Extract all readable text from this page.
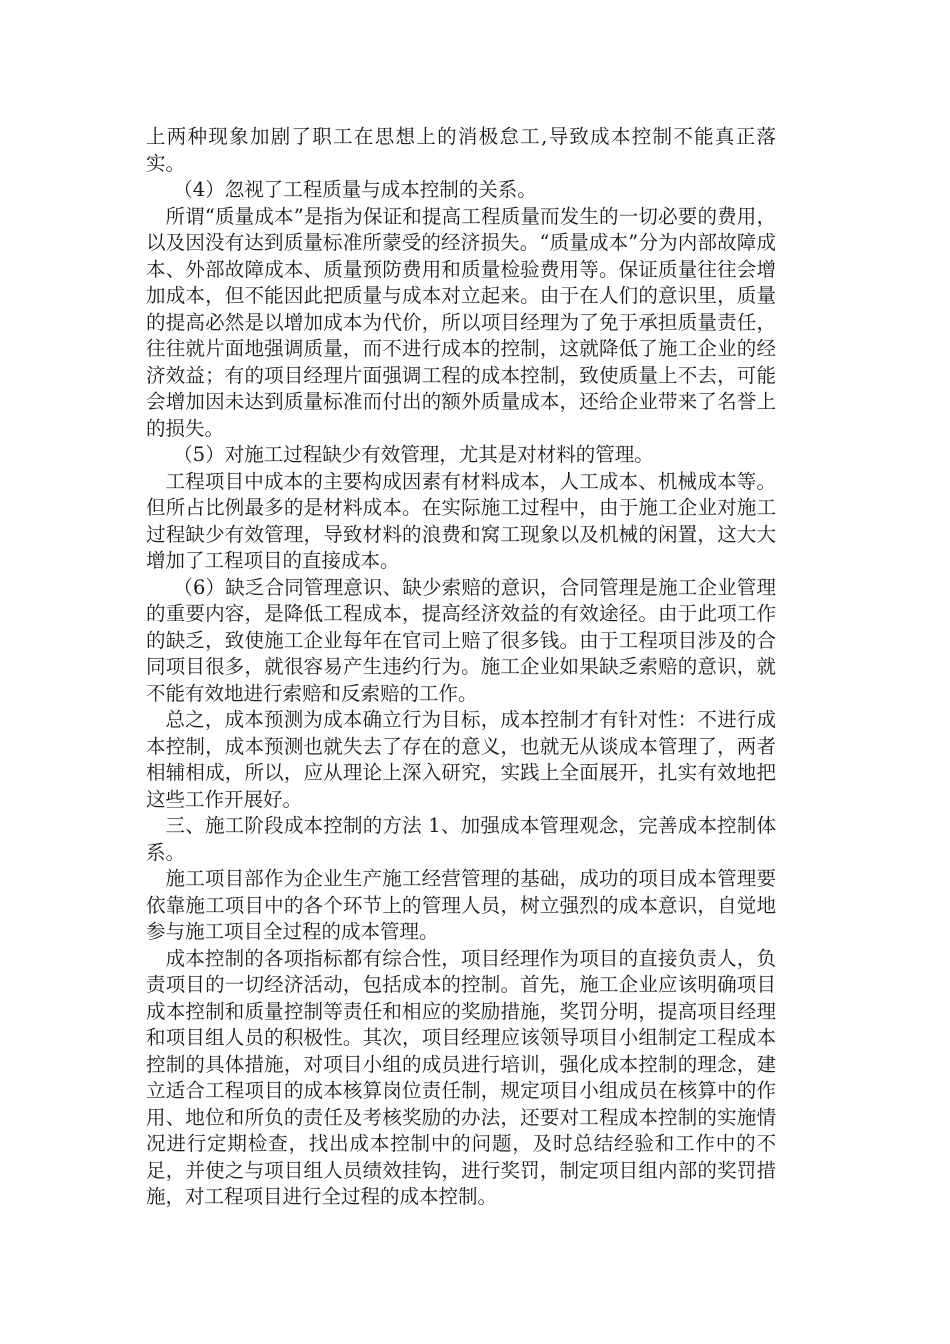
上两种现象加剧了职工在思想上的消极怠工,导致成本控制不能真正落实。

（4）忽视了工程质量与成本控制的关系。

所谓“质量成本”是指为保证和提高工程质量而发生的一切必要的费用，以及因没有达到质量标准所蒙受的经济损失。“质量成本”分为内部故障成本、外部故障成本、质量预防费用和质量检验费用等。保证质量往往会增加成本，但不能因此把质量与成本对立起来。由于在人们的意识里，质量的提高必然是以增加成本为代价，所以项目经理为了免于承担质量责任，往往就片面地强调质量，而不进行成本的控制，这就降低了施工企业的经济效益；有的项目经理片面强调工程的成本控制，致使质量上不去，可能会增加因未达到质量标准而付出的额外质量成本，还给企业带来了名誉上的损失。

（5）对施工过程缺少有效管理，尤其是对材料的管理。

工程项目中成本的主要构成因素有材料成本，人工成本、机械成本等。但所占比例最多的是材料成本。在实际施工过程中，由于施工企业对施工过程缺少有效管理，导致材料的浪费和窝工现象以及机械的闲置，这大大增加了工程项目的直接成本。

（6）缺乏合同管理意识、缺少索赔的意识，合同管理是施工企业管理的重要内容，是降低工程成本，提高经济效益的有效途径。由于此项工作的缺乏，致使施工企业每年在官司上赔了很多钱。由于工程项目涉及的合同项目很多，就很容易产生违约行为。施工企业如果缺乏索赔的意识，就不能有效地进行索赔和反索赔的工作。

总之，成本预测为成本确立行为目标，成本控制才有针对性：不进行成本控制，成本预测也就失去了存在的意义，也就无从谈成本管理了，两者相辅相成，所以，应从理论上深入研究，实践上全面展开，扎实有效地把这些工作开展好。

三、施工阶段成本控制的方法 1、加强成本管理观念，完善成本控制体系。

施工项目部作为企业生产施工经营管理的基础，成功的项目成本管理要依靠施工项目中的各个环节上的管理人员，树立强烈的成本意识，自觉地参与施工项目全过程的成本管理。

成本控制的各项指标都有综合性，项目经理作为项目的直接负责人，负责项目的一切经济活动，包括成本的控制。首先，施工企业应该明确项目成本控制和质量控制等责任和相应的奖励措施，奖罚分明，提高项目经理和项目组人员的积极性。其次，项目经理应该领导项目小组制定工程成本控制的具体措施，对项目小组的成员进行培训，强化成本控制的理念，建立适合工程项目的成本核算岗位责任制，规定项目小组成员在核算中的作用、地位和所负的责任及考核奖励的办法，还要对工程成本控制的实施情况进行定期检查，找出成本控制中的问题，及时总结经验和工作中的不足，并使之与项目组人员绩效挂钩，进行奖罚，制定项目组内部的奖罚措施，对工程项目进行全过程的成本控制。
